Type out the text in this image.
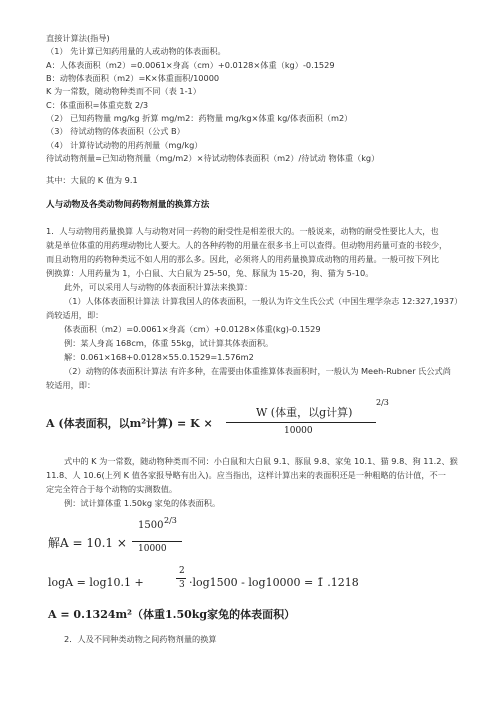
直接计算法(指导)
（1） 先计算已知药用量的人或动物的体表面积。
A：人体表面积（m2）=0.0061×身高（cm）+0.0128×体重（kg）-0.1529
B：动物体表面积（m2）=K×体重面积/10000
K 为一常数，随动物种类而不同（表 1-1）
C：体重面积=体重克数 2/3
（2） 已知药物量 mg/kg 折算 mg/m2：药物量 mg/kg×体重 kg/体表面积（m2）
（3） 待试动物的体表面积（公式 B）
（4） 计算待试动物的用药剂量（mg/kg）
待试动物剂量=已知动物剂量（mg/m2）×待试动物体表面积（m2）/待试动 物体重（kg）
其中：大鼠的 K 值为 9.1
人与动物及各类动物间药物剂量的换算方法
1．人与动物用药量换算 人与动物对同一药物的耐受性是相差很大的。一般说来，动物的耐受性要比人大，也
就是单位体重的用药理动物比人要大。人的各种药物的用量在很多书上可以查得。但动物用药量可查的书较少，
而且动物用的药物种类远不如人用的那么多。因此，必须将人的用药量换算成动物的用药量。一般可按下列比
例换算：人用药量为 1，小白鼠、大白鼠为 25-50，兔、豚鼠为 15-20，狗、猫为 5-10。
此外，可以采用人与动物的体表面积计算法来换算：
（1）人体体表面积计算法 计算我国人的体表面积，一般认为许文生氏公式（中国生理学杂志 12:327,1937）
尚较适用，即：
体表面积（m2）=0.0061×身高（cm）+0.0128×体重(kg)-0.1529
例：某人身高 168cm，体重 55kg，试计算其体表面积。
解：0.061×168+0.0128×55.0.1529=1.576m2
（2）动物的体表面积计算法 有许多种，在需要由体重推算体表面积时，一般认为 Meeh-Rubner 氏公式尚
较适用，即：
A (体表面积，以m²计算) = K ×
W (体重，以g计算)
2/3
10000
式中的 K 为一常数，随动物种类而不同：小白鼠和大白鼠 9.1、豚鼠 9.8、家兔 10.1、猫 9.8、狗 11.2、猴
11.8、人 10.6(上列 K 值各家报导略有出入)。应当指出，这样计算出来的表面积还是一种粗略的估计值，不一
定完全符合于每个动物的实测数值。
例：试计算体重 1.50kg 家兔的体表面积。
解A = 10.1 ×
1500 2/3
10000
logA = log10.1 +
2
3 ·log1500 - log10000 = 1̄ .1218
A = 0.1324m²（体重1.50kg家兔的体表面积）
2．人及不同种类动物之间药物剂量的换算
